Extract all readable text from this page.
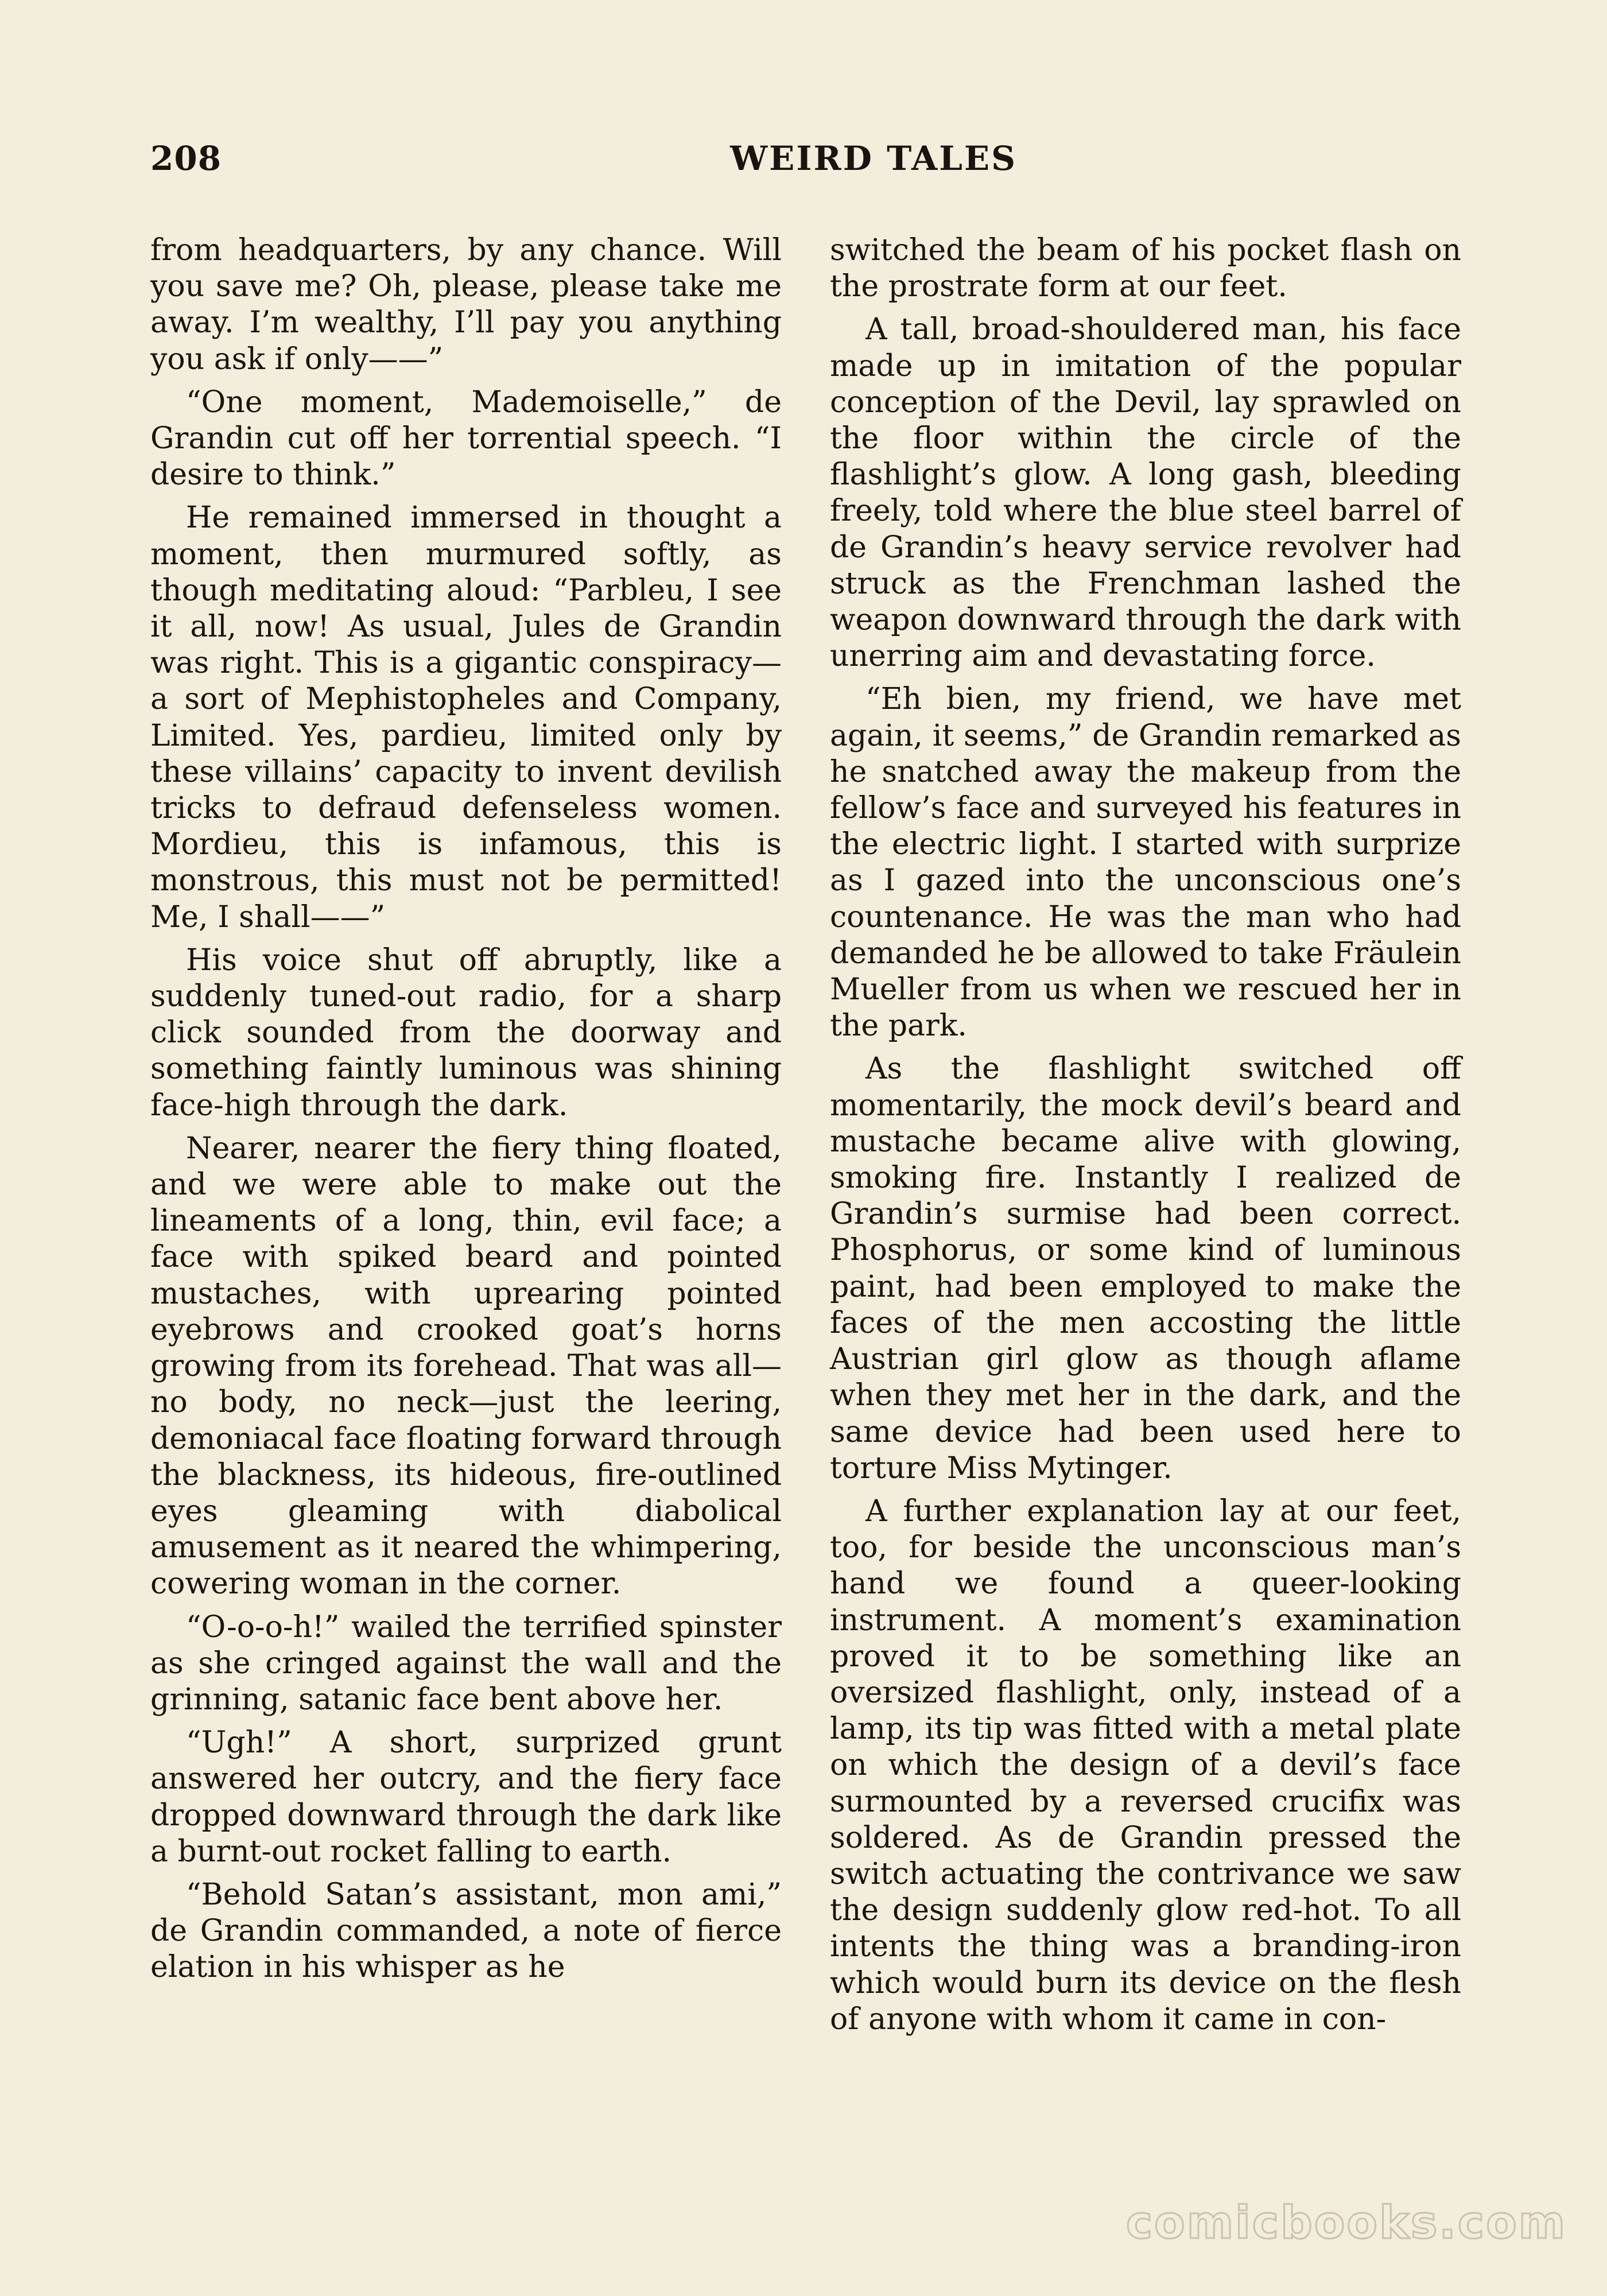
208	WEIRD TALES

from headquarters, by any chance. Will you save me? Oh, please, please take me away. I’m wealthy, I’ll pay you anything you ask if only——”

“One moment, Mademoiselle,” de Grandin cut off her torrential speech. “I desire to think.”

He remained immersed in thought a moment, then murmured softly, as though meditating aloud: “Parbleu, I see it all, now! As usual, Jules de Grandin was right. This is a gigantic conspiracy—a sort of Mephistopheles and Company, Limited. Yes, pardieu, limited only by these villains’ capacity to invent devilish tricks to defraud defenseless women. Mordieu, this is infamous, this is monstrous, this must not be permitted! Me, I shall——”

His voice shut off abruptly, like a suddenly tuned-out radio, for a sharp click sounded from the doorway and something faintly luminous was shining face-high through the dark.

Nearer, nearer the fiery thing floated, and we were able to make out the lineaments of a long, thin, evil face; a face with spiked beard and pointed mustaches, with uprearing pointed eyebrows and crooked goat’s horns growing from its forehead. That was all—no body, no neck—just the leering, demoniacal face floating forward through the blackness, its hideous, fire-outlined eyes gleaming with diabolical amusement as it neared the whimpering, cowering woman in the corner.

“O-o-o-h!” wailed the terrified spinster as she cringed against the wall and the grinning, satanic face bent above her.

“Ugh!” A short, surprized grunt answered her outcry, and the fiery face dropped downward through the dark like a burnt-out rocket falling to earth.

“Behold Satan’s assistant, mon ami,” de Grandin commanded, a note of fierce elation in his whisper as he

switched the beam of his pocket flash on the prostrate form at our feet.

A tall, broad-shouldered man, his face made up in imitation of the popular conception of the Devil, lay sprawled on the floor within the circle of the flashlight’s glow. A long gash, bleeding freely, told where the blue steel barrel of de Grandin’s heavy service revolver had struck as the Frenchman lashed the weapon downward through the dark with unerring aim and devastating force.

“Eh bien, my friend, we have met again, it seems,” de Grandin remarked as he snatched away the makeup from the fellow’s face and surveyed his features in the electric light. I started with surprize as I gazed into the unconscious one’s countenance. He was the man who had demanded he be allowed to take Fräulein Mueller from us when we rescued her in the park.

As the flashlight switched off momentarily, the mock devil’s beard and mustache became alive with glowing, smoking fire. Instantly I realized de Grandin’s surmise had been correct. Phosphorus, or some kind of luminous paint, had been employed to make the faces of the men accosting the little Austrian girl glow as though aflame when they met her in the dark, and the same device had been used here to torture Miss Mytinger.

A further explanation lay at our feet, too, for beside the unconscious man’s hand we found a queer-looking instrument. A moment’s examination proved it to be something like an oversized flashlight, only, instead of a lamp, its tip was fitted with a metal plate on which the design of a devil’s face surmounted by a reversed crucifix was soldered. As de Grandin pressed the switch actuating the contrivance we saw the design suddenly glow red-hot. To all intents the thing was a branding-iron which would burn its device on the flesh of anyone with whom it came in con-

comicbooks.com
